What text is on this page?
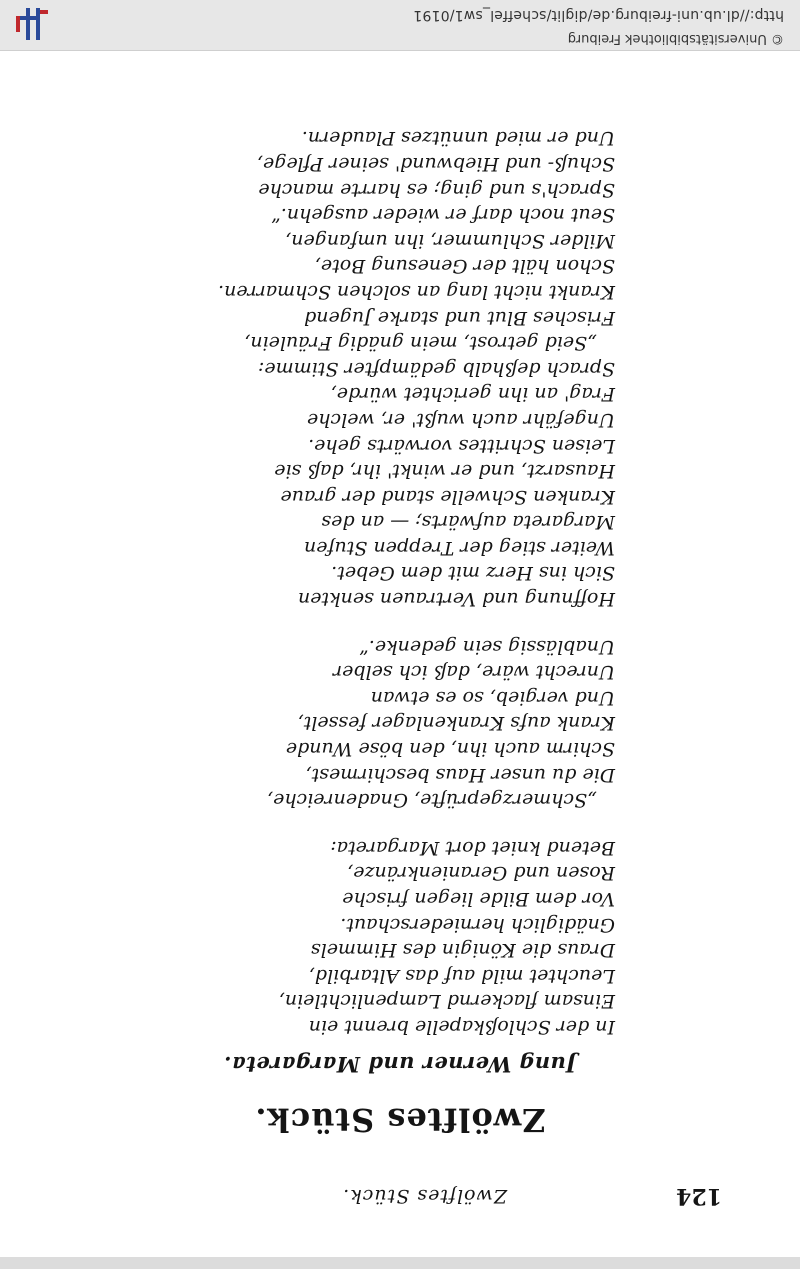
124
Zwölftes Stück.
Zwölftes Stück.
Jung Werner und Margareta.
In der Schloßkapelle brennt ein
Einsam flackernd Lampenlichtlein,
Leuchtet mild auf das Altarbild,
Draus die Königin des Himmels
Gnädiglich herniederschaut.
Vor dem Bilde liegen frische
Rosen und Geranienkränze,
Betend kniet dort Margareta:
„Schmerzgeprüfte, Gnadenreiche,
Die du unser Haus beschirmest,
Schirm auch ihn, den böse Wunde
Krank aufs Krankenlager fesselt,
Und vergieb, so es etwan
Unrecht wäre, daß ich selber
Unablässig sein gedenke.“
Hoffnung und Vertrauen senkten
Sich ins Herz mit dem Gebet.
Weiter stieg der Treppen Stufen
Margareta aufwärts; — an des
Kranken Schwelle stand der graue
Hausarzt, und er winkt' ihr, daß sie
Leisen Schrittes vorwärts gehe.
Ungefähr auch wußt' er, welche
Frag' an ihn gerichtet würde,
Sprach deßhalb gedämpfter Stimme:
„Seid getrost, mein gnädig Fräulein,
Frisches Blut und starke Jugend
Krankt nicht lang an solchen Schmarren.
Schon hält der Genesung Bote,
Milder Schlummer, ihn umfangen,
Seut noch darf er wieder ausgehn.“
Sprach's und ging; es harrte manche
Schuß- und Hiebwund' seiner Pflege,
Und er mied unnützes Plaudern.
http://dl.ub.uni-freiburg.de/diglit/scheffel_sw1/0191
© Universitätsbibliothek Freiburg
